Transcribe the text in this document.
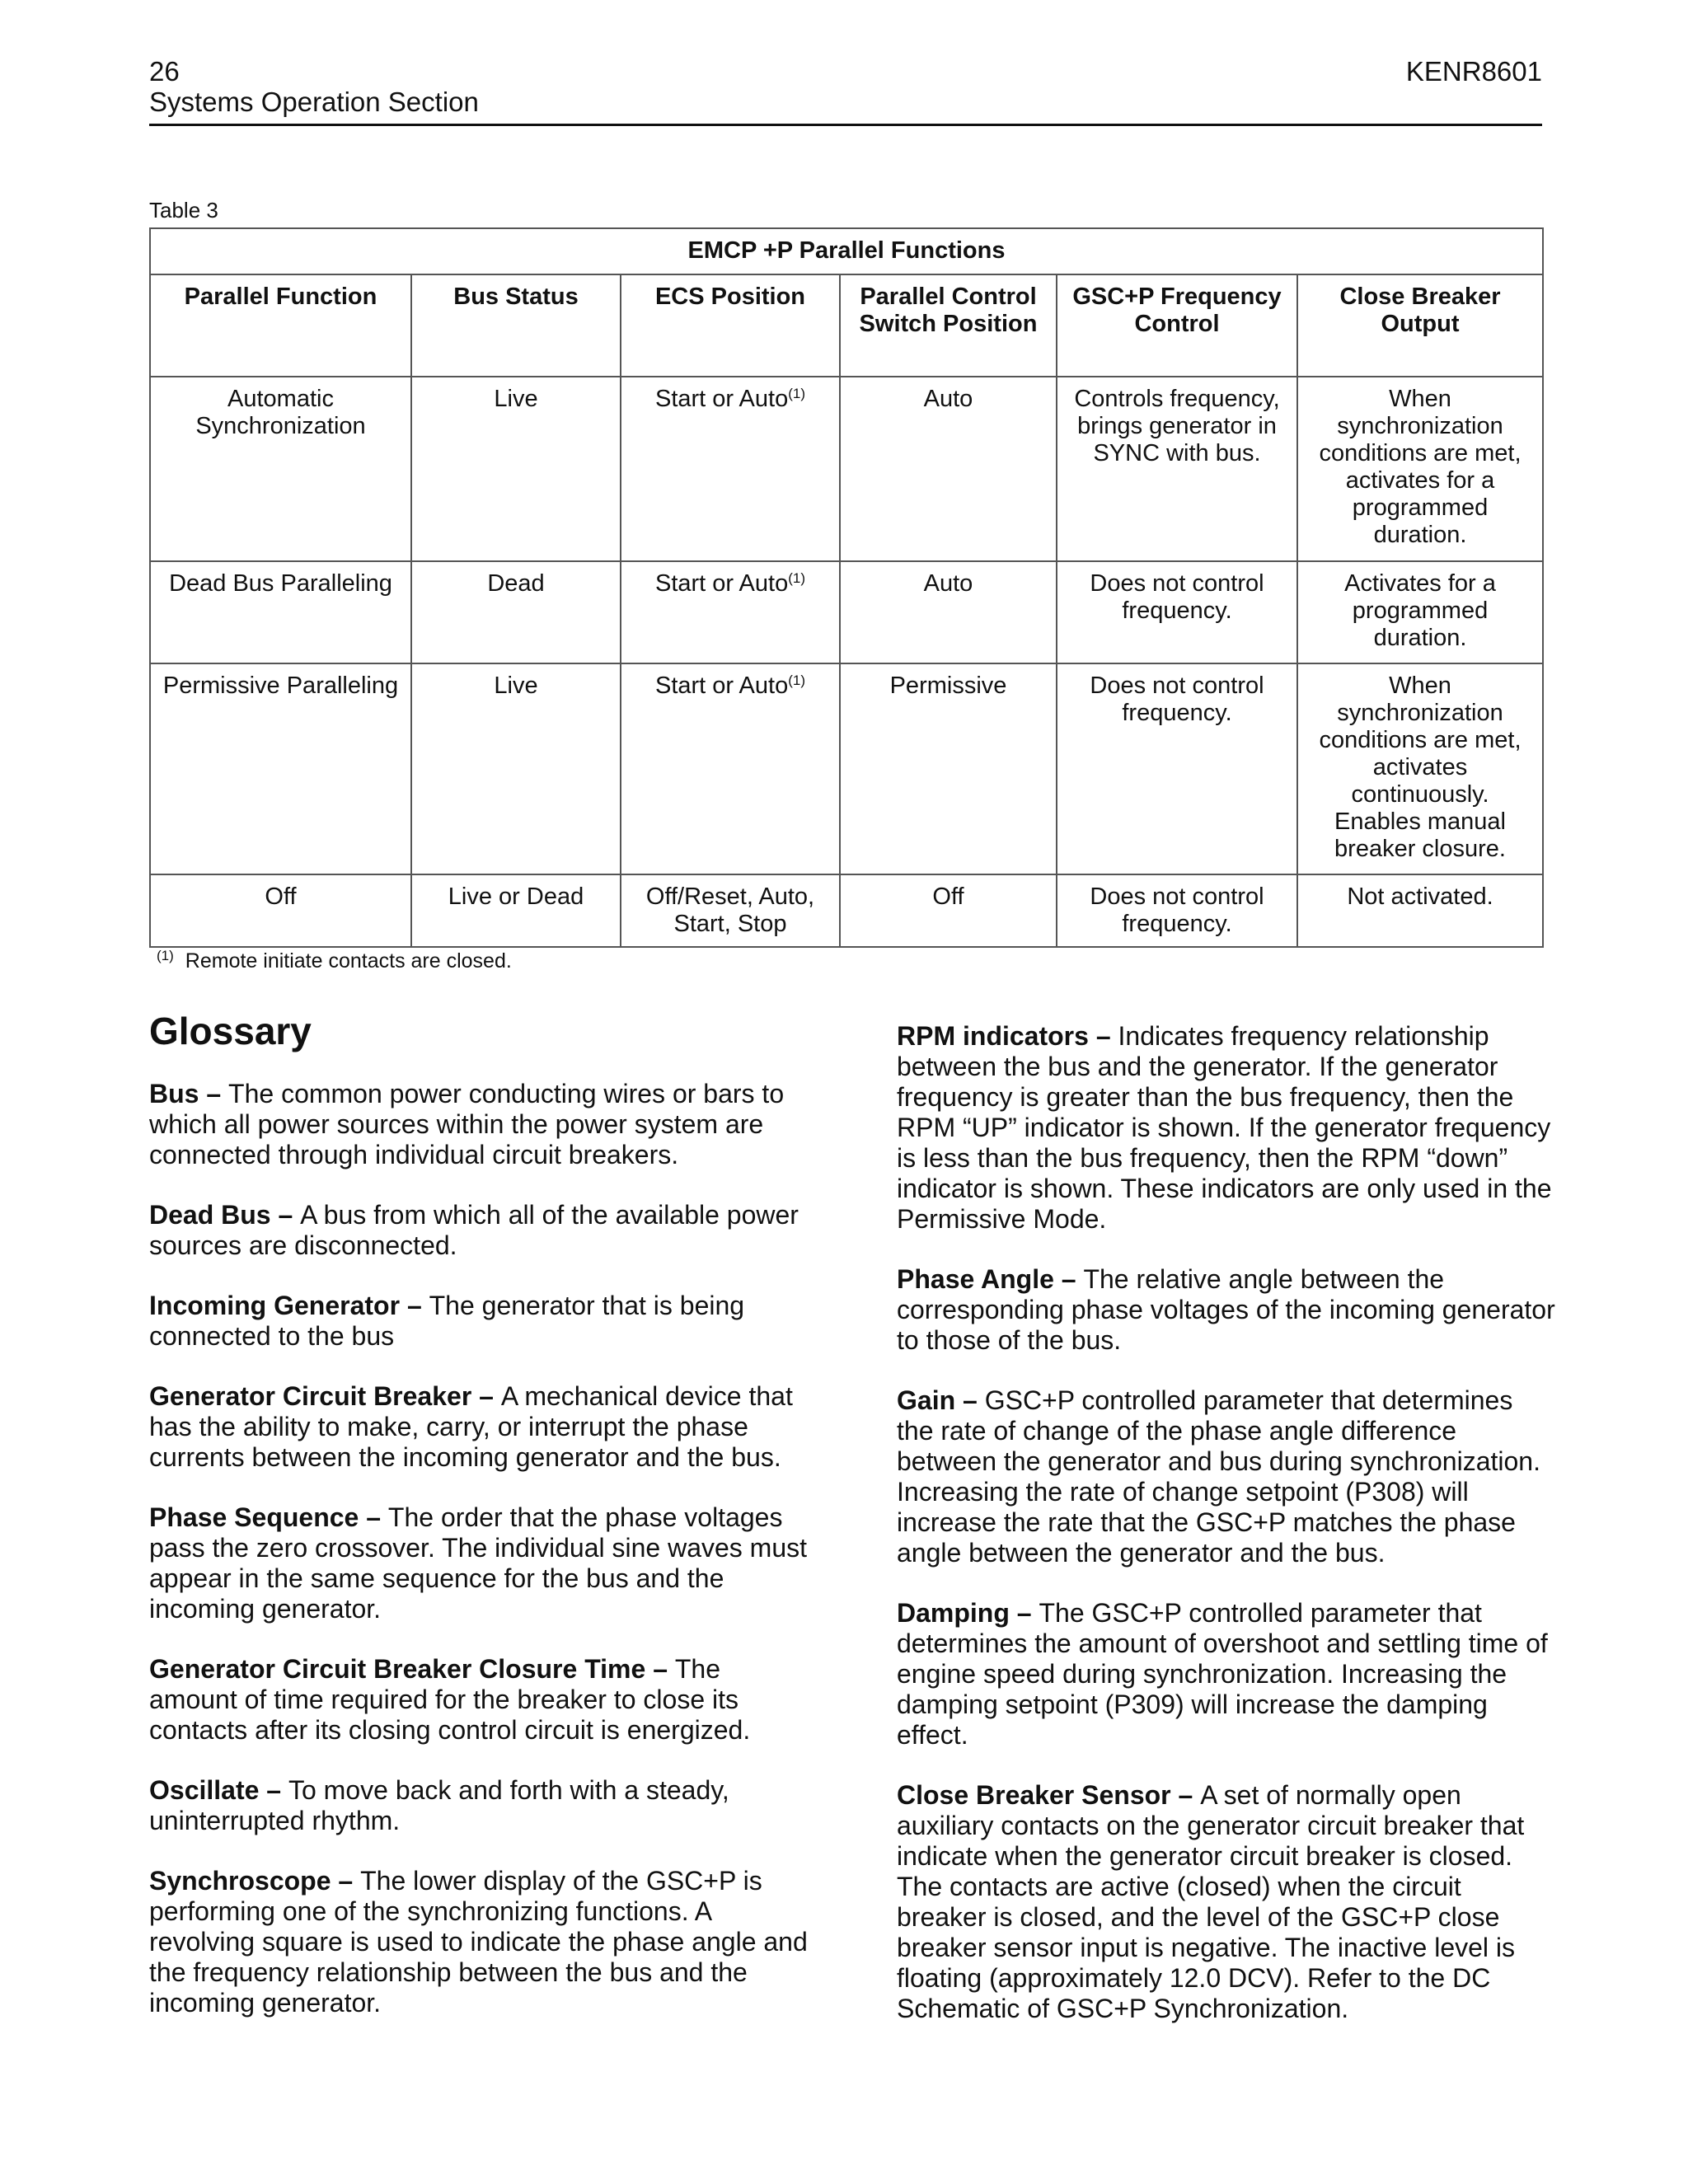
26	KENR8601
Systems Operation Section
Table 3
EMCP +P Parallel Functions					
Parallel Function	Bus Status	ECS Position	Parallel Control Switch Position	GSC+P Frequency Control	Close Breaker Output
Automatic Synchronization	Live	Start or Auto$^{(1)}$	Auto	Controls frequency, brings generator in SYNC with bus.	When synchronization conditions are met, activates for a programmed duration.
Dead Bus Paralleling	Dead	Start or Auto$^{(1)}$	Auto	Does not control frequency.	Activates for a programmed duration.
Permissive Paralleling	Live	Start or Auto$^{(1)}$	Permissive	Does not control frequency.	When synchronization conditions are met, activates continuously. Enables manual breaker closure.
Off	Live or Dead	Off/Reset, Auto, Start, Stop	Off	Does not control frequency.	Not activated.
$^{(1)}$ Remote initiate contacts are closed.
Glossary

Bus – The common power conducting wires or bars to which all power sources within the power system are connected through individual circuit breakers.

Dead Bus – A bus from which all of the available power sources are disconnected.

Incoming Generator – The generator that is being connected to the bus

Generator Circuit Breaker – A mechanical device that has the ability to make, carry, or interrupt the phase currents between the incoming generator and the bus.

Phase Sequence – The order that the phase voltages pass the zero crossover. The individual sine waves must appear in the same sequence for the bus and the incoming generator.

Generator Circuit Breaker Closure Time – The amount of time required for the breaker to close its contacts after its closing control circuit is energized.

Oscillate – To move back and forth with a steady, uninterrupted rhythm.

Synchroscope – The lower display of the GSC+P is performing one of the synchronizing functions. A revolving square is used to indicate the phase angle and the frequency relationship between the bus and the incoming generator.

RPM indicators – Indicates frequency relationship between the bus and the generator. If the generator frequency is greater than the bus frequency, then the RPM “UP” indicator is shown. If the generator frequency is less than the bus frequency, then the RPM “down” indicator is shown. These indicators are only used in the Permissive Mode.

Phase Angle – The relative angle between the corresponding phase voltages of the incoming generator to those of the bus.

Gain – GSC+P controlled parameter that determines the rate of change of the phase angle difference between the generator and bus during synchronization. Increasing the rate of change setpoint (P308) will increase the rate that the GSC+P matches the phase angle between the generator and the bus.

Damping – The GSC+P controlled parameter that determines the amount of overshoot and settling time of engine speed during synchronization. Increasing the damping setpoint (P309) will increase the damping effect.

Close Breaker Sensor – A set of normally open auxiliary contacts on the generator circuit breaker that indicate when the generator circuit breaker is closed. The contacts are active (closed) when the circuit breaker is closed, and the level of the GSC+P close breaker sensor input is negative. The inactive level is floating (approximately 12.0 DCV). Refer to the DC Schematic of GSC+P Synchronization.
